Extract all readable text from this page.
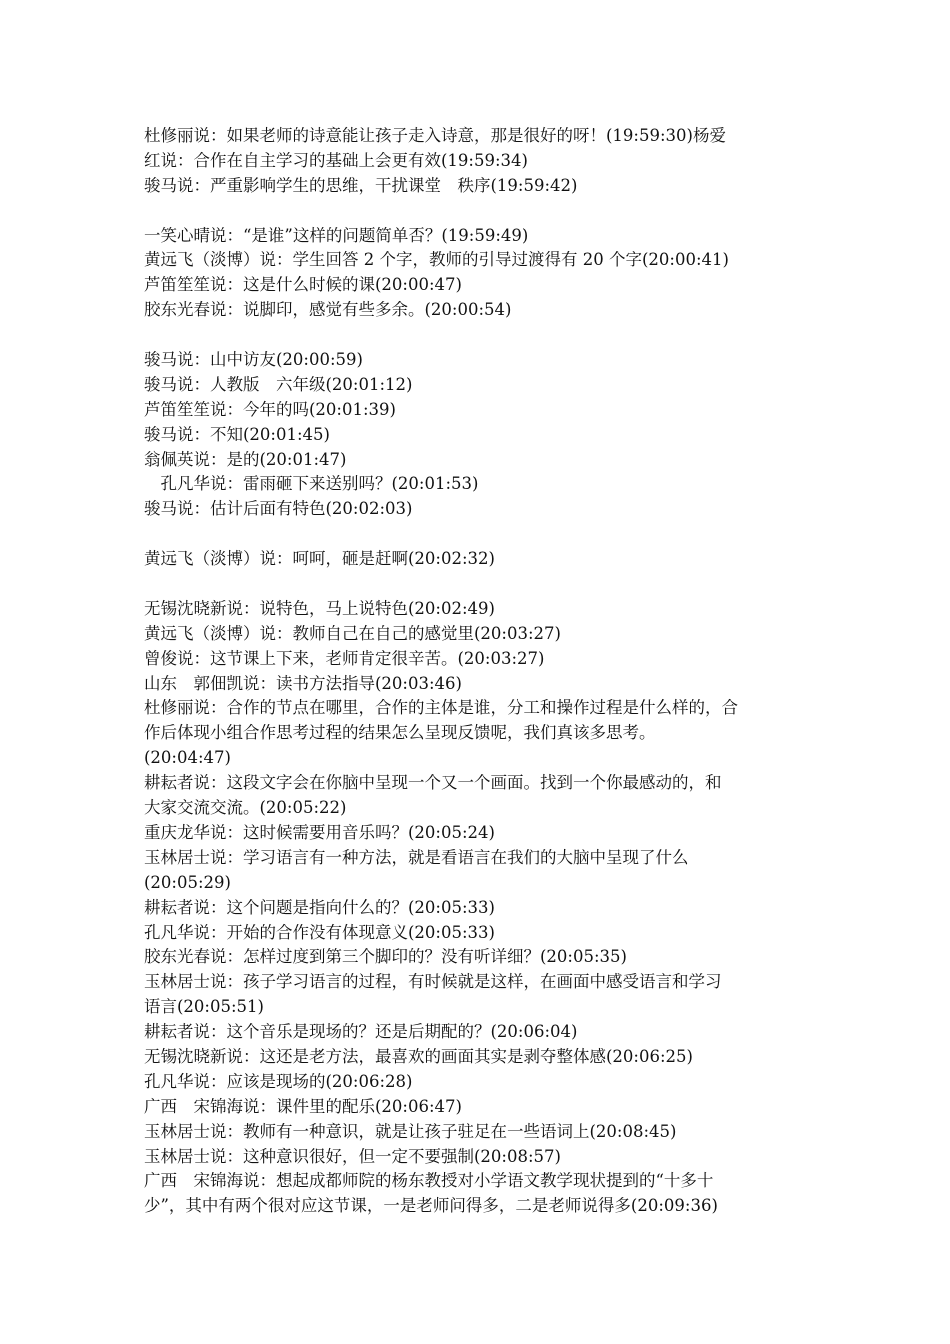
杜修丽说：如果老师的诗意能让孩子走入诗意，那是很好的呀！(19:59:30)杨爱
红说：合作在自主学习的基础上会更有效(19:59:34)
骏马说：严重影响学生的思维，干扰课堂　秩序(19:59:42)
一笑心晴说：“是谁”这样的问题简单否？(19:59:49)
黄远飞（淡博）说：学生回答 2 个字，教师的引导过渡得有 20 个字(20:00:41)
芦笛笙笙说：这是什么时候的课(20:00:47)
胶东光春说：说脚印，感觉有些多余。(20:00:54)
骏马说：山中访友(20:00:59)
骏马说：人教版　六年级(20:01:12)
芦笛笙笙说：今年的吗(20:01:39)
骏马说：不知(20:01:45)
翁佩英说：是的(20:01:47)
　孔凡华说：雷雨砸下来送别吗？(20:01:53)
骏马说：估计后面有特色(20:02:03)
黄远飞（淡博）说：呵呵，砸是赶啊(20:02:32)
无锡沈晓新说：说特色，马上说特色(20:02:49)
黄远飞（淡博）说：教师自己在自己的感觉里(20:03:27)
曾俊说：这节课上下来，老师肯定很辛苦。(20:03:27)
山东　郭佃凯说：读书方法指导(20:03:46)
杜修丽说：合作的节点在哪里，合作的主体是谁，分工和操作过程是什么样的，合
作后体现小组合作思考过程的结果怎么呈现反馈呢，我们真该多思考。
(20:04:47)
耕耘者说：这段文字会在你脑中呈现一个又一个画面。找到一个你最感动的，和
大家交流交流。(20:05:22)
重庆龙华说：这时候需要用音乐吗？(20:05:24)
玉林居士说：学习语言有一种方法，就是看语言在我们的大脑中呈现了什么
(20:05:29)
耕耘者说：这个问题是指向什么的？(20:05:33)
孔凡华说：开始的合作没有体现意义(20:05:33)
胶东光春说：怎样过度到第三个脚印的？没有听详细？(20:05:35)
玉林居士说：孩子学习语言的过程，有时候就是这样，在画面中感受语言和学习
语言(20:05:51)
耕耘者说：这个音乐是现场的？还是后期配的？(20:06:04)
无锡沈晓新说：这还是老方法，最喜欢的画面其实是剥夺整体感(20:06:25)
孔凡华说：应该是现场的(20:06:28)
广西　宋锦海说：课件里的配乐(20:06:47)
玉林居士说：教师有一种意识，就是让孩子驻足在一些语词上(20:08:45)
玉林居士说：这种意识很好，但一定不要强制(20:08:57)
广西　宋锦海说：想起成都师院的杨东教授对小学语文教学现状提到的“十多十
少”，其中有两个很对应这节课，一是老师问得多，二是老师说得多(20:09:36)
